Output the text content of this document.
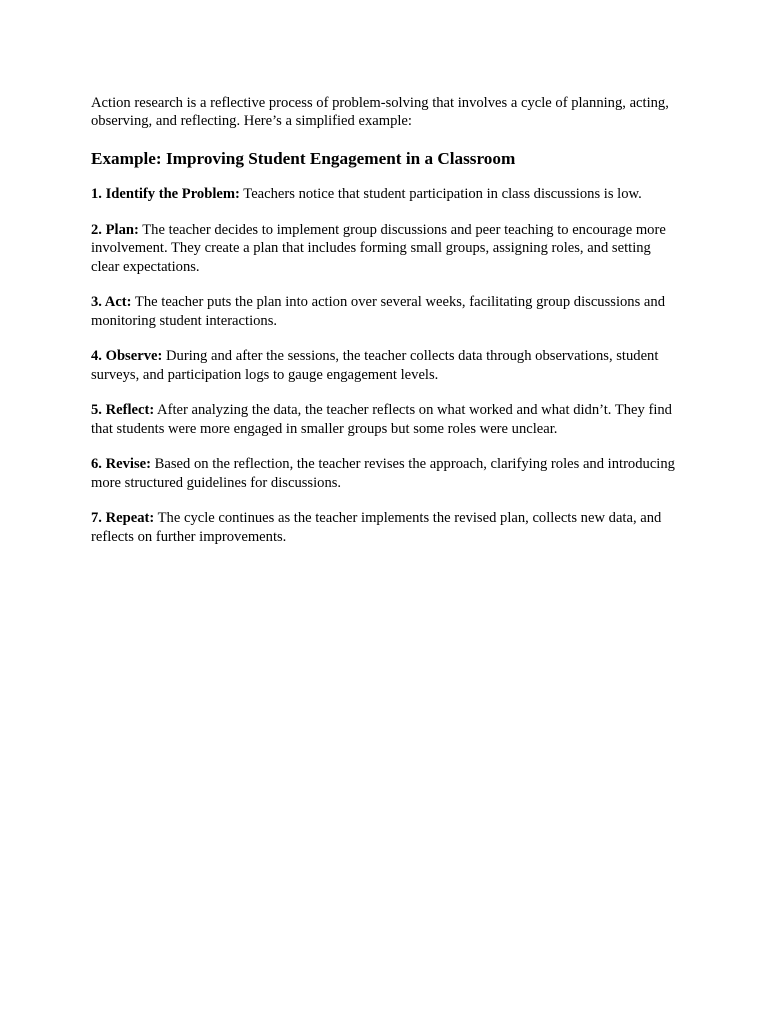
Action research is a reflective process of problem-solving that involves a cycle of planning, acting, observing, and reflecting. Here’s a simplified example:

Example: Improving Student Engagement in a Classroom

1. Identify the Problem: Teachers notice that student participation in class discussions is low.

2. Plan: The teacher decides to implement group discussions and peer teaching to encourage more involvement. They create a plan that includes forming small groups, assigning roles, and setting clear expectations.

3. Act: The teacher puts the plan into action over several weeks, facilitating group discussions and monitoring student interactions.

4. Observe: During and after the sessions, the teacher collects data through observations, student surveys, and participation logs to gauge engagement levels.

5. Reflect: After analyzing the data, the teacher reflects on what worked and what didn’t. They find that students were more engaged in smaller groups but some roles were unclear.

6. Revise: Based on the reflection, the teacher revises the approach, clarifying roles and introducing more structured guidelines for discussions.

7. Repeat: The cycle continues as the teacher implements the revised plan, collects new data, and reflects on further improvements.
